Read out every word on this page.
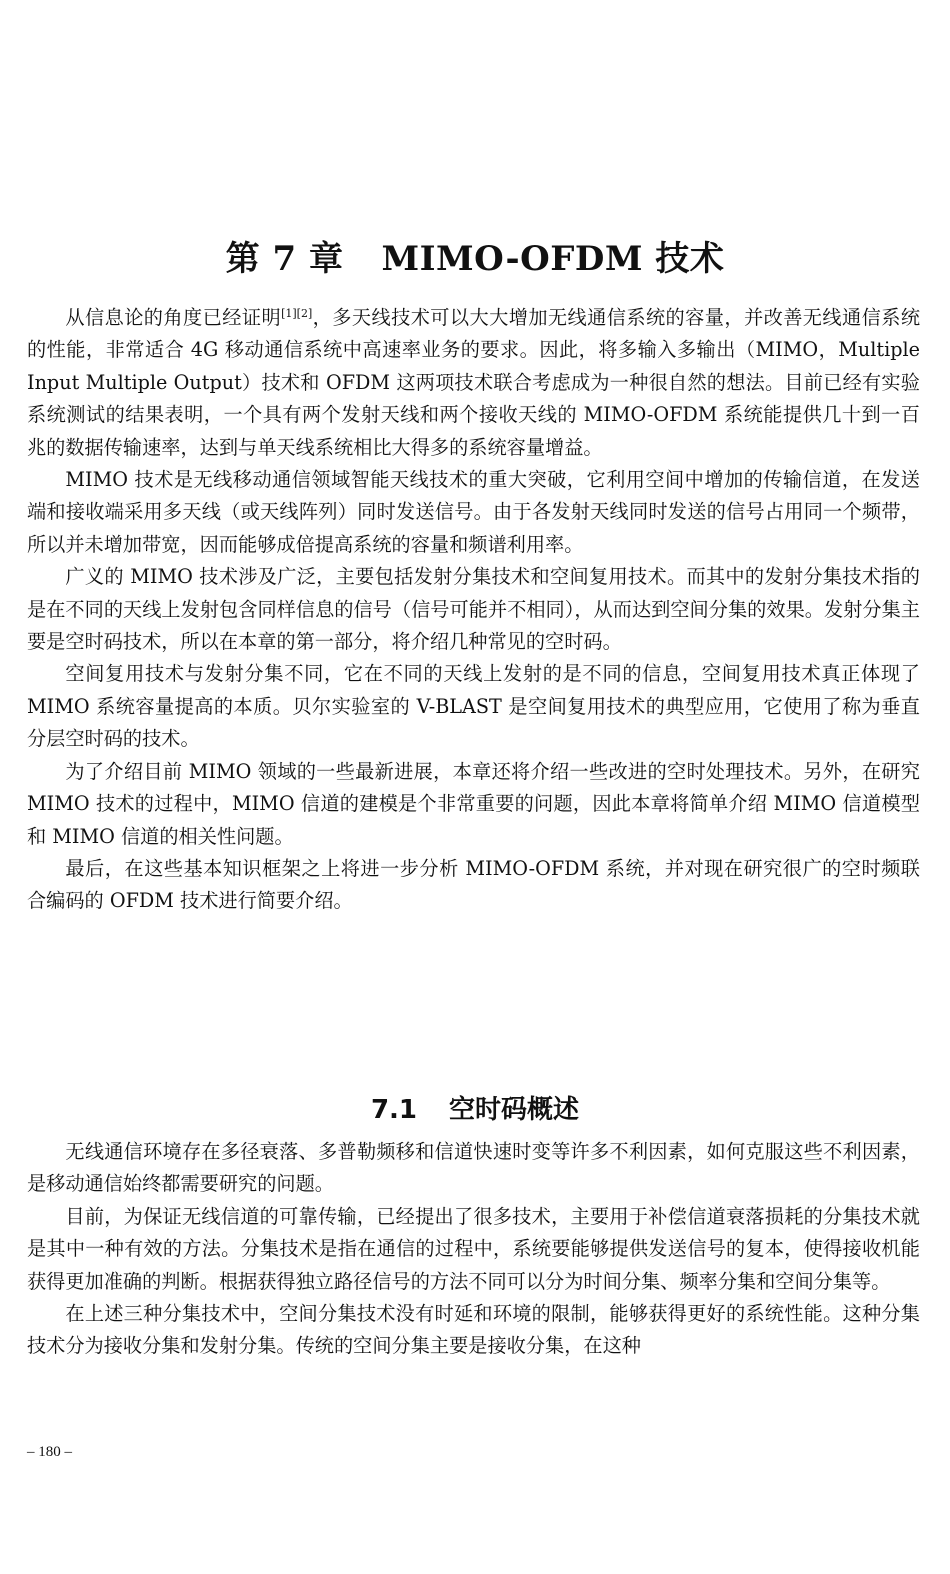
第 7 章 MIMO-OFDM 技术

从信息论的角度已经证明[1][2]，多天线技术可以大大增加无线通信系统的容量，并改善无线通信系统的性能，非常适合 4G 移动通信系统中高速率业务的要求。因此，将多输入多输出（MIMO，Multiple Input Multiple Output）技术和 OFDM 这两项技术联合考虑成为一种很自然的想法。目前已经有实验系统测试的结果表明，一个具有两个发射天线和两个接收天线的 MIMO-OFDM 系统能提供几十到一百兆的数据传输速率，达到与单天线系统相比大得多的系统容量增益。

MIMO 技术是无线移动通信领域智能天线技术的重大突破，它利用空间中增加的传输信道，在发送端和接收端采用多天线（或天线阵列）同时发送信号。由于各发射天线同时发送的信号占用同一个频带，所以并未增加带宽，因而能够成倍提高系统的容量和频谱利用率。

广义的 MIMO 技术涉及广泛，主要包括发射分集技术和空间复用技术。而其中的发射分集技术指的是在不同的天线上发射包含同样信息的信号（信号可能并不相同），从而达到空间分集的效果。发射分集主要是空时码技术，所以在本章的第一部分，将介绍几种常见的空时码。

空间复用技术与发射分集不同，它在不同的天线上发射的是不同的信息，空间复用技术真正体现了 MIMO 系统容量提高的本质。贝尔实验室的 V-BLAST 是空间复用技术的典型应用，它使用了称为垂直分层空时码的技术。

为了介绍目前 MIMO 领域的一些最新进展，本章还将介绍一些改进的空时处理技术。另外，在研究 MIMO 技术的过程中，MIMO 信道的建模是个非常重要的问题，因此本章将简单介绍 MIMO 信道模型和 MIMO 信道的相关性问题。

最后，在这些基本知识框架之上将进一步分析 MIMO-OFDM 系统，并对现在研究很广的空时频联合编码的 OFDM 技术进行简要介绍。

7.1 空时码概述

无线通信环境存在多径衰落、多普勒频移和信道快速时变等许多不利因素，如何克服这些不利因素，是移动通信始终都需要研究的问题。

目前，为保证无线信道的可靠传输，已经提出了很多技术，主要用于补偿信道衰落损耗的分集技术就是其中一种有效的方法。分集技术是指在通信的过程中，系统要能够提供发送信号的复本，使得接收机能获得更加准确的判断。根据获得独立路径信号的方法不同可以分为时间分集、频率分集和空间分集等。

在上述三种分集技术中，空间分集技术没有时延和环境的限制，能够获得更好的系统性能。这种分集技术分为接收分集和发射分集。传统的空间分集主要是接收分集，在这种

– 180 –
